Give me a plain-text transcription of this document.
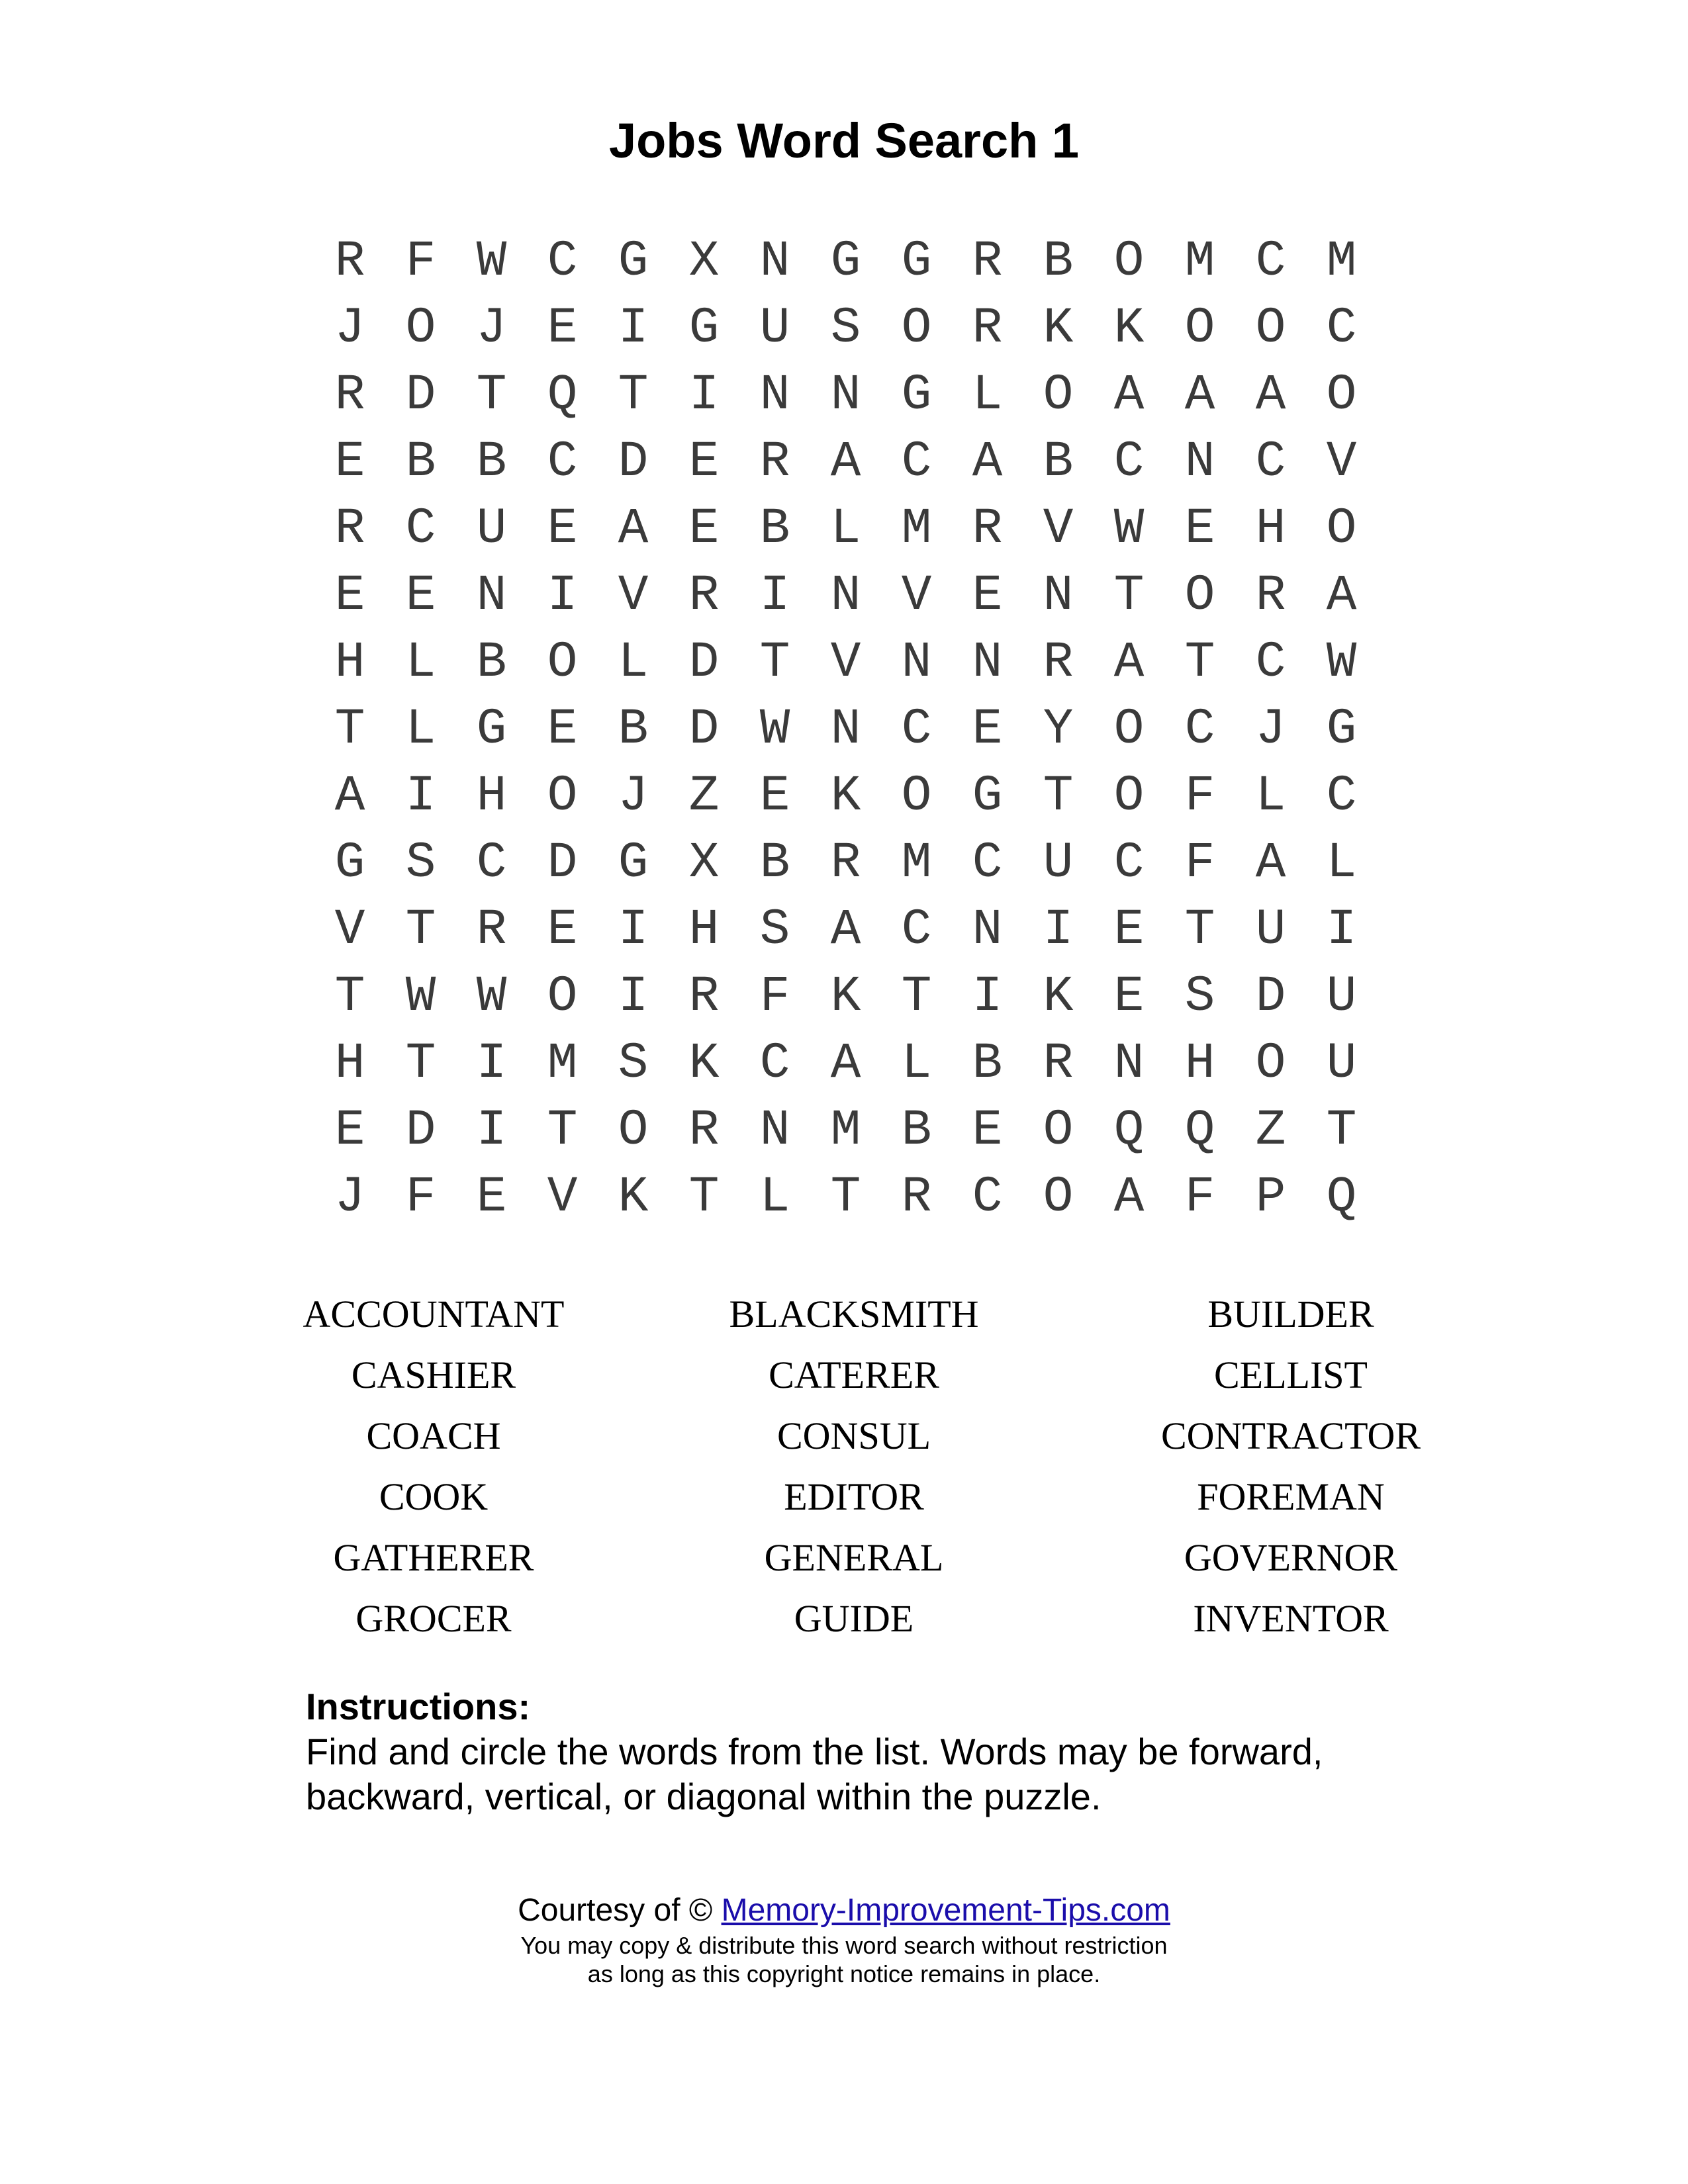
Jobs Word Search 1
R F W C G X N G G R B O M C M
J O J E I G U S O R K K O O C
R D T Q T I N N G L O A A A O
E B B C D E R A C A B C N C V
R C U E A E B L M R V W E H O
E E N I V R I N V E N T O R A
H L B O L D T V N N R A T C W
T L G E B D W N C E Y O C J G
A I H O J Z E K O G T O F L C
G S C D G X B R M C U C F A L
V T R E I H S A C N I E T U I
T W W O I R F K T I K E S D U
H T I M S K C A L B R N H O U
E D I T O R N M B E O Q Q Z T
J F E V K T L T R C O A F P Q
ACCOUNTANT	BLACKSMITH	BUILDER
CASHIER	CATERER	CELLIST
COACH	CONSUL	CONTRACTOR
COOK	EDITOR	FOREMAN
GATHERER	GENERAL	GOVERNOR
GROCER	GUIDE	INVENTOR
Instructions:
Find and circle the words from the list. Words may be forward,
backward, vertical, or diagonal within the puzzle.
Courtesy of © Memory-Improvement-Tips.com
You may copy & distribute this word search without restriction
as long as this copyright notice remains in place.
